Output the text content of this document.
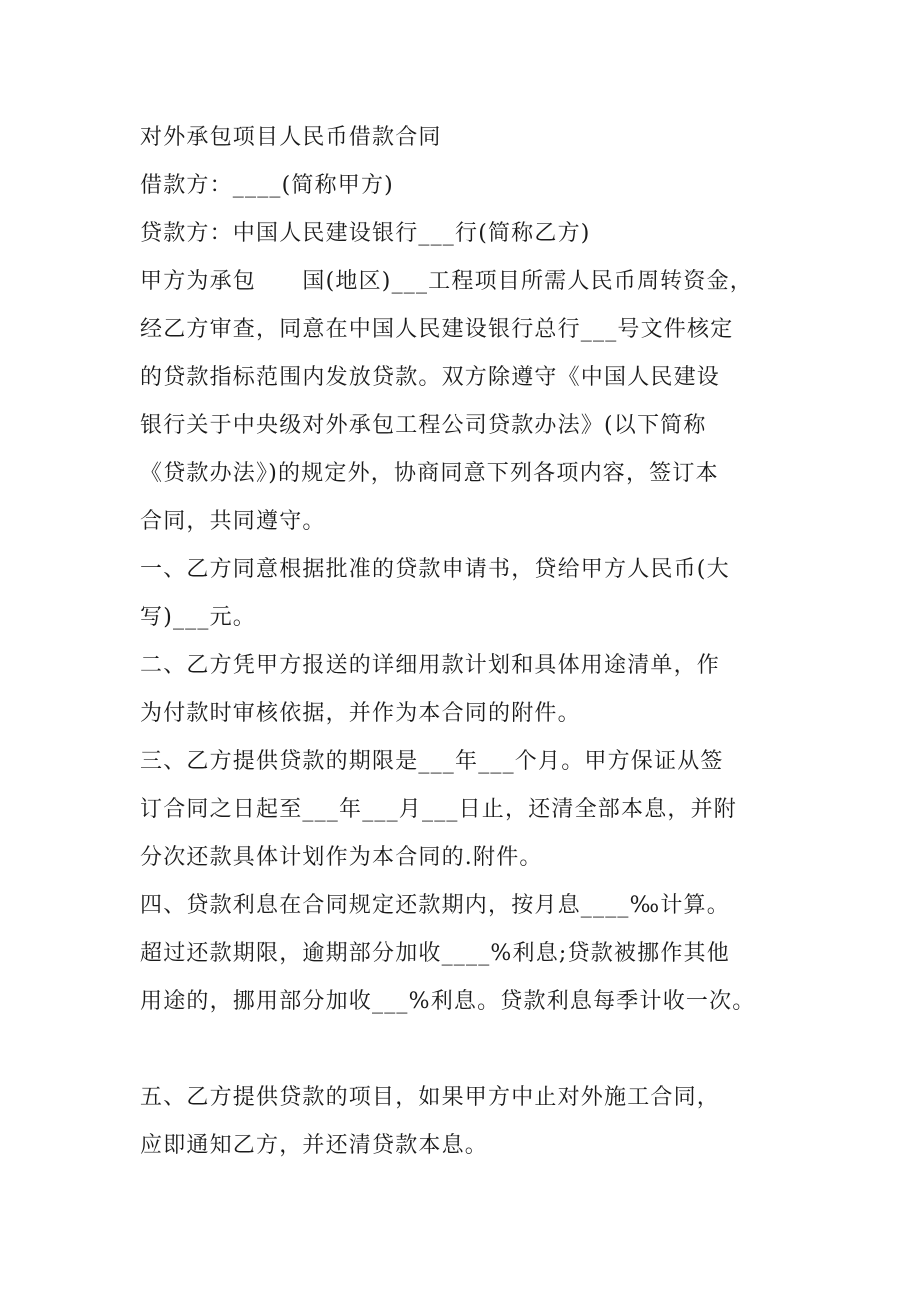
对外承包项目人民币借款合同
借款方：____(简称甲方)
贷款方：中国人民建设银行___行(简称乙方)
甲方为承包　　国(地区)___工程项目所需人民币周转资金，
经乙方审查，同意在中国人民建设银行总行___号文件核定
的贷款指标范围内发放贷款。双方除遵守《中国人民建设
银行关于中央级对外承包工程公司贷款办法》(以下简称
《贷款办法》)的规定外，协商同意下列各项内容，签订本
合同，共同遵守。
一、乙方同意根据批准的贷款申请书，贷给甲方人民币(大
写)___元。
二、乙方凭甲方报送的详细用款计划和具体用途清单，作
为付款时审核依据，并作为本合同的附件。
三、乙方提供贷款的期限是___年___个月。甲方保证从签
订合同之日起至___年___月___日止，还清全部本息，并附
分次还款具体计划作为本合同的.附件。
四、贷款利息在合同规定还款期内，按月息____‰计算。
超过还款期限，逾期部分加收____%利息;贷款被挪作其他
用途的，挪用部分加收___%利息。贷款利息每季计收一次。
五、乙方提供贷款的项目，如果甲方中止对外施工合同，
应即通知乙方，并还清贷款本息。
